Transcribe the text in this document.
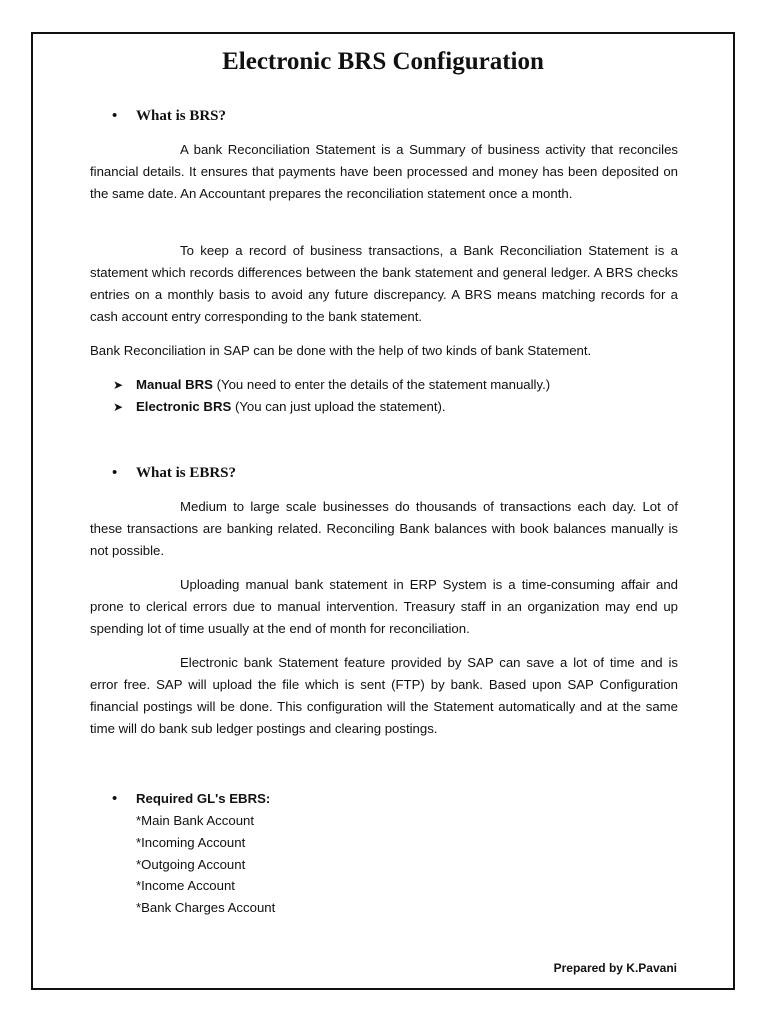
Electronic BRS Configuration
• What is BRS?
A bank Reconciliation Statement is a Summary of business activity that reconciles financial details. It ensures that payments have been processed and money has been deposited on the same date. An Accountant prepares the reconciliation statement once a month.
To keep a record of business transactions, a Bank Reconciliation Statement is a statement which records differences between the bank statement and general ledger. A BRS checks entries on a monthly basis to avoid any future discrepancy. A BRS means matching records for a cash account entry corresponding to the bank statement.
Bank Reconciliation in SAP can be done with the help of two kinds of bank Statement.
➤ Manual BRS (You need to enter the details of the statement manually.)
➤ Electronic BRS (You can just upload the statement).
• What is EBRS?
Medium to large scale businesses do thousands of transactions each day. Lot of these transactions are banking related. Reconciling Bank balances with book balances manually is not possible.
Uploading manual bank statement in ERP System is a time-consuming affair and prone to clerical errors due to manual intervention. Treasury staff in an organization may end up spending lot of time usually at the end of month for reconciliation.
Electronic bank Statement feature provided by SAP can save a lot of time and is error free. SAP will upload the file which is sent (FTP) by bank. Based upon SAP Configuration financial postings will be done. This configuration will the Statement automatically and at the same time will do bank sub ledger postings and clearing postings.
• Required GL's EBRS:
*Main Bank Account
*Incoming Account
*Outgoing Account
*Income Account
*Bank Charges Account
Prepared by K.Pavani
